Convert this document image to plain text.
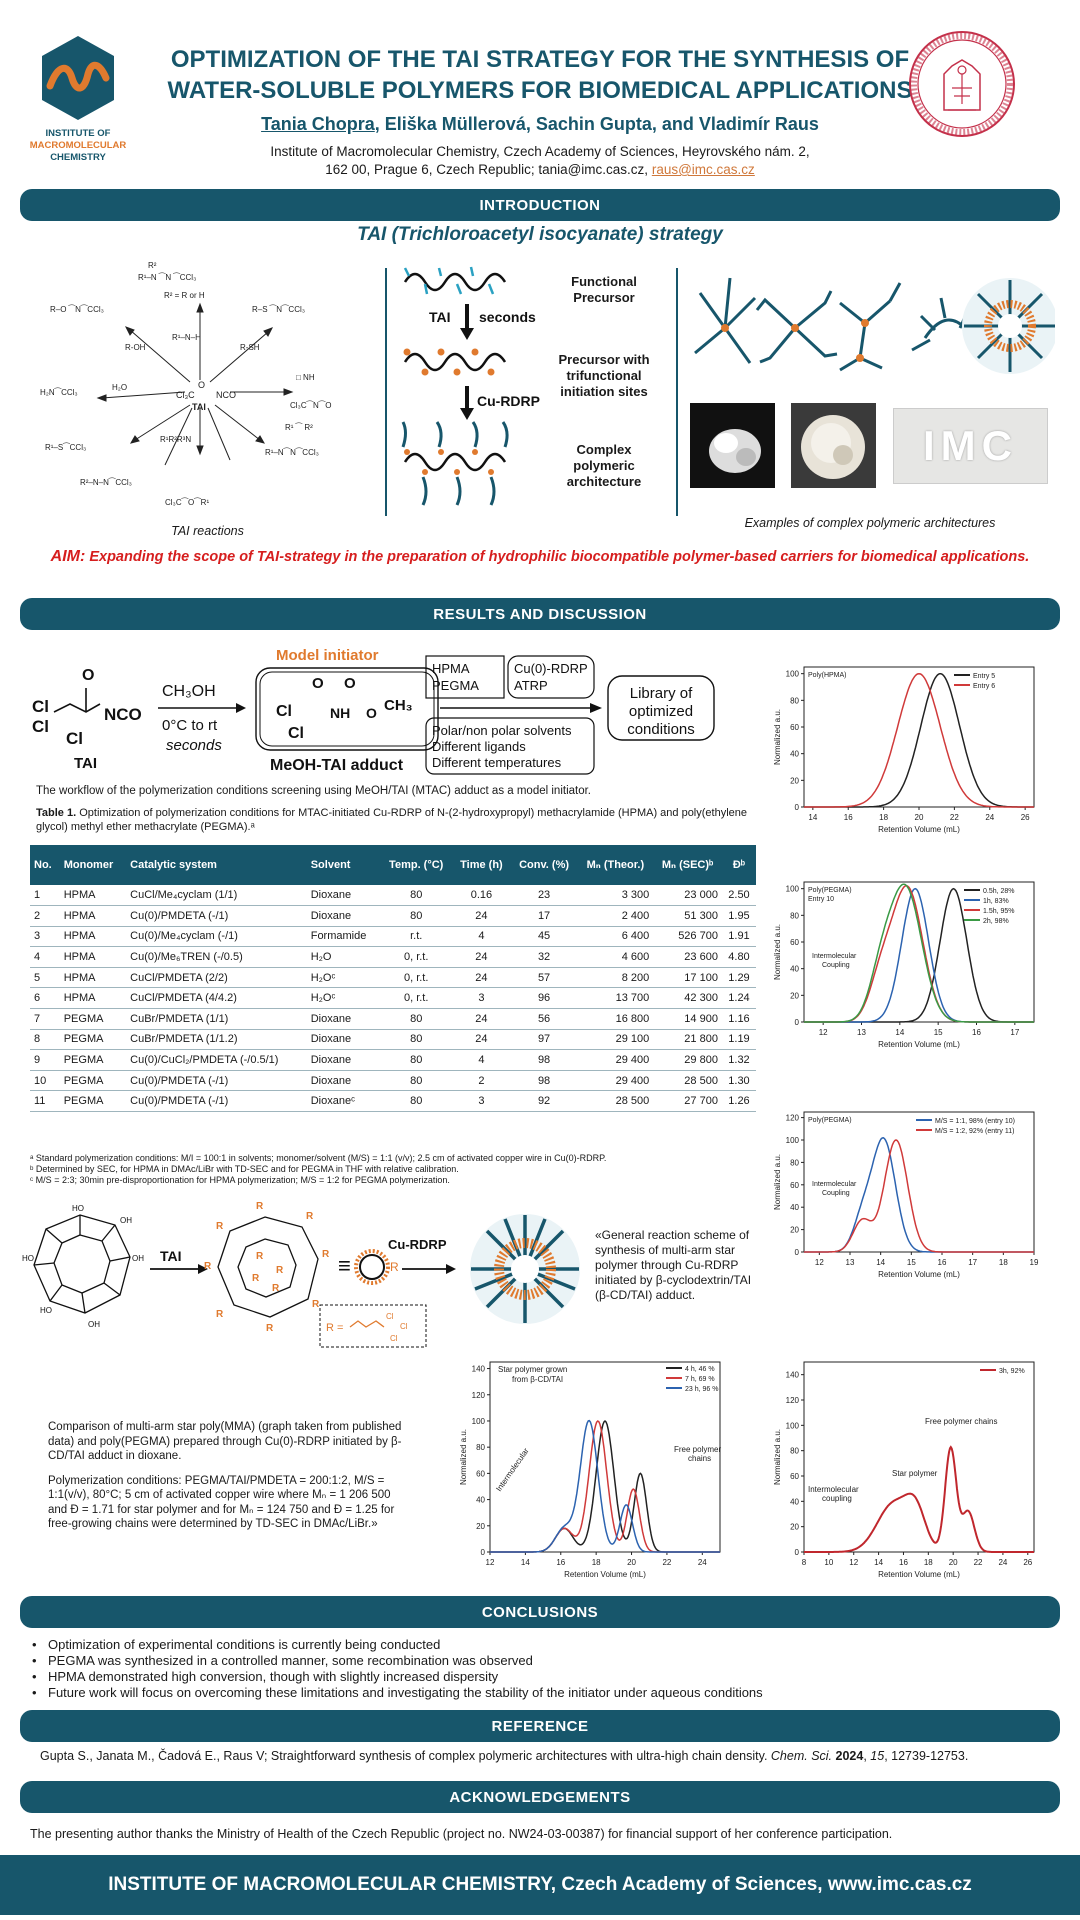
INSTITUTE OF
MACROMOLECULAR
CHEMISTRY
OPTIMIZATION OF THE TAI STRATEGY FOR THE SYNTHESIS OF
WATER-SOLUBLE POLYMERS FOR BIOMEDICAL APPLICATIONS
Tania Chopra, Eliška Müllerová, Sachin Gupta, and Vladimír Raus
Institute of Macromolecular Chemistry, Czech Academy of Sciences, Heyrovského nám. 2,
162 00, Prague 6, Czech Republic; tania@imc.cas.cz, raus@imc.cas.cz
INTRODUCTION
TAI (Trichloroacetyl isocyanate) strategy
Cl₃C
O
NCO
TAI
R²
R¹–N ⁀N ⁀CCl₃
R² = R or H
R–O ⁀N⁀CCl₃	R–S ⁀N⁀CCl₃
R¹–N–H
R-OH	R-SH
H₂O
H₂N⁀CCl₃
□ NH
Cl₃C⁀N⁀O
R¹R²R³N
R¹–S⁀CCl₃
R²–N–N⁀CCl₃
Cl₃C⁀O⁀R¹
R¹–N⁀N⁀CCl₃
R¹ ⁀ R²
TAI reactions
TAI seconds
Cu-RDRP
Functional Precursor
Precursor with trifunctional initiation sites
Complex polymeric architecture
IMC
Examples of complex polymeric architectures
AIM: Expanding the scope of TAI-strategy in the preparation of hydrophilic biocompatible polymer-based carriers for biomedical applications.
RESULTS AND DISCUSSION
Cl
Cl
Cl
O
NCO
TAI
CH₃OH
0°C to rt
seconds
Model initiator
Cl
Cl
O O
NH O CH₃
MeOH-TAI adduct
HPMA
PEGMA
Cu(0)-RDRP
ATRP
Polar/non polar solvents
Different ligands
Different temperatures
Library of
optimized
conditions
The workflow of the polymerization conditions screening using MeOH/TAI (MTAC) adduct as a model initiator.
Table 1. Optimization of polymerization conditions for MTAC-initiated Cu-RDRP of N-(2-hydroxypropyl) methacrylamide (HPMA) and poly(ethylene glycol) methyl ether methacrylate (PEGMA).ᵃ
No.	Monomer	Catalytic system	Solvent	Temp. (°C)	Time (h)	Conv. (%)	Mₙ (Theor.)	Mₙ (SEC)ᵇ	Đᵇ
1	HPMA	CuCl/Me₄cyclam (1/1)	Dioxane	80	0.16	23	3 300	23 000	2.50
2	HPMA	Cu(0)/PMDETA (-/1)	Dioxane	80	24	17	2 400	51 300	1.95
3	HPMA	Cu(0)/Me₄cyclam (-/1)	Formamide	r.t.	4	45	6 400	526 700	1.91
4	HPMA	Cu(0)/Me₆TREN (-/0.5)	H₂O	0, r.t.	24	32	4 600	23 600	4.80
5	HPMA	CuCl/PMDETA (2/2)	H₂Oᶜ	0, r.t.	24	57	8 200	17 100	1.29
6	HPMA	CuCl/PMDETA (4/4.2)	H₂Oᶜ	0, r.t.	3	96	13 700	42 300	1.24
7	PEGMA	CuBr/PMDETA (1/1)	Dioxane	80	24	56	16 800	14 900	1.16
8	PEGMA	CuBr/PMDETA (1/1.2)	Dioxane	80	24	97	29 100	21 800	1.19
9	PEGMA	Cu(0)/CuCl₂/PMDETA (-/0.5/1)	Dioxane	80	4	98	29 400	29 800	1.32
10	PEGMA	Cu(0)/PMDETA (-/1)	Dioxane	80	2	98	29 400	28 500	1.30
11	PEGMA	Cu(0)/PMDETA (-/1)	Dioxaneᶜ	80	3	92	28 500	27 700	1.26
ᵃ Standard polymerization conditions: M/I = 100:1 in solvents; monomer/solvent (M/S) = 1:1 (v/v); 2.5 cm of activated copper wire in Cu(0)-RDRP.
ᵇ Determined by SEC, for HPMA in DMAc/LiBr with TD-SEC and for PEGMA in THF with relative calibration.
ᶜ M/S = 2:3; 30min pre-disproportionation for HPMA polymerization; M/S = 1:2 for PEGMA polymerization.
HO
OH
OH
HO
HO
OH
TAI
R
R
R
R
R
R
R
R
R
R
R
R
≡	R
Cu-RDRP
R =
Cl
Cl
Cl
«General reaction scheme of synthesis of multi-arm star polymer through Cu-RDRP initiated by β-cyclodextrin/TAI (β-CD/TAI) adduct.
Comparison of multi-arm star poly(MMA) (graph taken from published data) and poly(PEGMA) prepared through Cu(0)-RDRP initiated by β-CD/TAI adduct in dioxane.
Polymerization conditions: PEGMA/TAI/PMDETA = 200:1:2, M/S = 1:1(v/v), 80°C; 5 cm of activated copper wire where Mₙ = 1 206 500 and Đ = 1.71 for star polymer and for Mₙ = 124 750 and Đ = 1.25 for free-growing chains were determined by TD-SEC in DMAc/LiBr.»
14	16	18	20	22	24	26
0
20
40
60
80
100
Retention Volume (mL)
Normalized a.u.
Poly(HPMA)	Entry 5
Entry 6
12	13	14	15	16	17
0
20
40
60
80
100
Retention Volume (mL)
Normalized a.u.
Poly(PEGMA)
Entry 10
Intermolecular
Coupling
0.5h, 28%
1h, 83%
1.5h, 95%
2h, 98%
12	13	14	15	16	17	18	19
0
20
40
60
80
100
120
Retention Volume (mL)
Normalized a.u.
Poly(PEGMA)
Intermolecular
Coupling
M/S = 1:1, 98% (entry 10)
M/S = 1:2, 92% (entry 11)
12	14	16	18	20	22	24
0
20
40
60
80
100
120
140
Retention Volume (mL)
Normalized a.u.
Star polymer grown
from β-CD/TAI
Intermolecular	Free polymer
chains
4 h, 46 %
7 h, 69 %
23 h, 96 %
8 10 12 14 16 18 20 22 24 26
0
20
40
60
80
100
120
140
Retention Volume (mL)
Normalized a.u.
Free polymer chains
Star polymer
Intermolecular
coupling
3h, 92%
CONCLUSIONS
• Optimization of experimental conditions is currently being conducted
• PEGMA was synthesized in a controlled manner, some recombination was observed
• HPMA demonstrated high conversion, though with slightly increased dispersity
• Future work will focus on overcoming these limitations and investigating the stability of the initiator under aqueous conditions
REFERENCE
Gupta S., Janata M., Čadová E., Raus V; Straightforward synthesis of complex polymeric architectures with ultra-high chain density. Chem. Sci. 2024, 15, 12739-12753.
ACKNOWLEDGEMENTS
The presenting author thanks the Ministry of Health of the Czech Republic (project no. NW24-03-00387) for financial support of her conference participation.
INSTITUTE OF MACROMOLECULAR CHEMISTRY, Czech Academy of Sciences, www.imc.cas.cz
